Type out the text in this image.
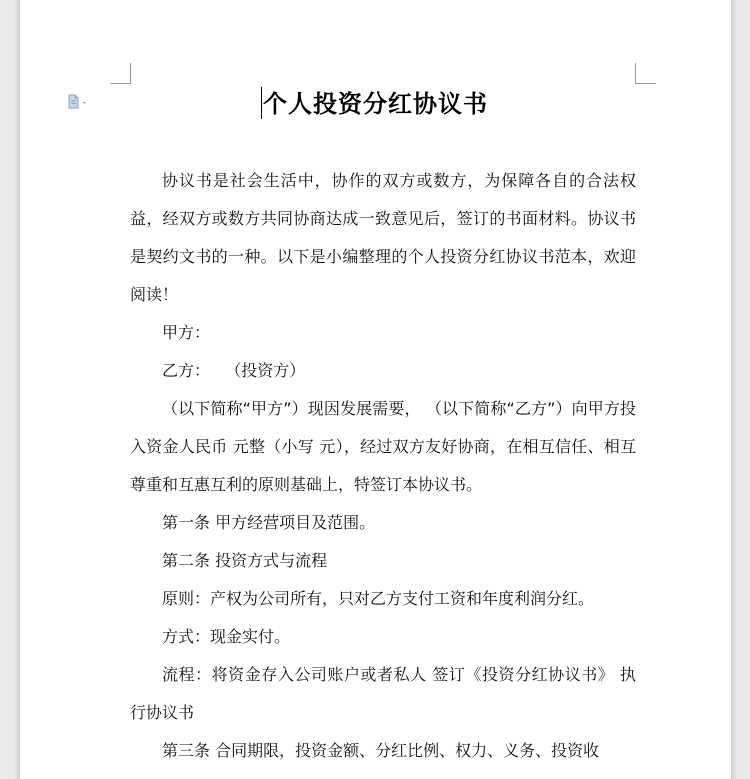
个人投资分红协议书

协议书是社会生活中，协作的双方或数方，为保障各自的合法权益，经双方或数方共同协商达成一致意见后，签订的书面材料。协议书是契约文书的一种。以下是小编整理的个人投资分红协议书范本，欢迎阅读！

甲方：

乙方：   （投资方）

（以下简称“甲方”）现因发展需要， （以下简称“乙方”）向甲方投入资金人民币 元整（小写 元），经过双方友好协商，在相互信任、相互尊重和互惠互利的原则基础上，特签订本协议书。

第一条 甲方经营项目及范围。

第二条 投资方式与流程

原则：产权为公司所有，只对乙方支付工资和年度利润分红。

方式：现金实付。

流程：将资金存入公司账户或者私人 签订《投资分红协议书》 执行协议书

第三条 合同期限，投资金额、分红比例、权力、义务、投资收
